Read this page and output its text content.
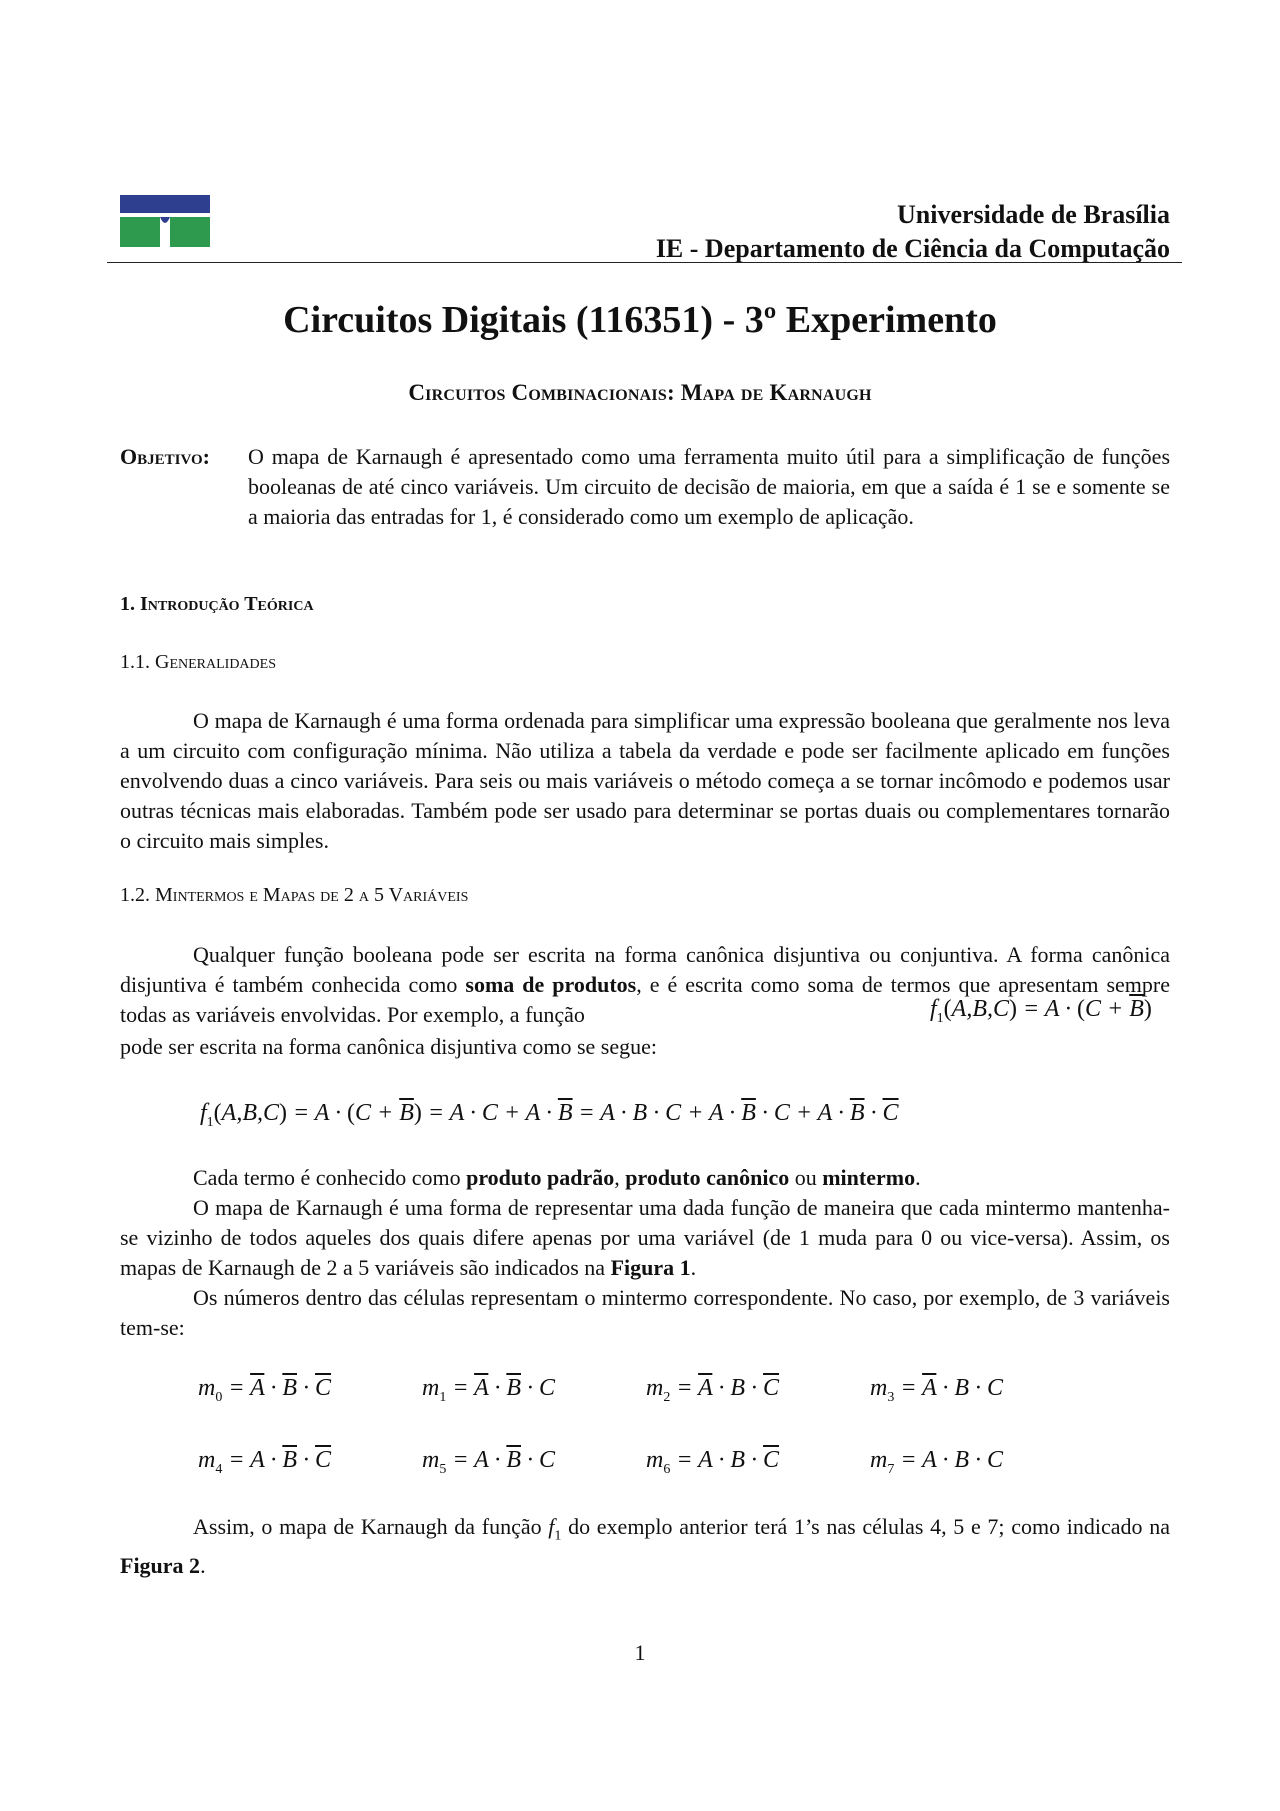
Universidade de Brasília
IE - Departamento de Ciência da Computação
Circuitos Digitais (116351) - 3º Experimento
Circuitos Combinacionais: Mapa de Karnaugh
Objetivo: O mapa de Karnaugh é apresentado como uma ferramenta muito útil para a simplificação de funções booleanas de até cinco variáveis. Um circuito de decisão de maioria, em que a saída é 1 se e somente se a maioria das entradas for 1, é considerado como um exemplo de aplicação.
1. Introdução Teórica
1.1. Generalidades
O mapa de Karnaugh é uma forma ordenada para simplificar uma expressão booleana que geralmente nos leva a um circuito com configuração mínima. Não utiliza a tabela da verdade e pode ser facilmente aplicado em funções envolvendo duas a cinco variáveis. Para seis ou mais variáveis o método começa a se tornar incômodo e podemos usar outras técnicas mais elaboradas. Também pode ser usado para determinar se portas duais ou complementares tornarão o circuito mais simples.
1.2. Mintermos e Mapas de 2 a 5 Variáveis
Qualquer função booleana pode ser escrita na forma canônica disjuntiva ou conjuntiva. A forma canônica disjuntiva é também conhecida como soma de produtos, e é escrita como soma de termos que apresentam sempre todas as variáveis envolvidas. Por exemplo, a função	$f_1(A,B,C) = A \cdot (C + \overline{B})$
pode ser escrita na forma canônica disjuntiva como se segue:
$f_1(A,B,C) = A \cdot (C + \overline{B}) = A \cdot C + A \cdot \overline{B} = A \cdot B \cdot C + A \cdot \overline{B} \cdot C + A \cdot \overline{B} \cdot \overline{C}$
Cada termo é conhecido como produto padrão, produto canônico ou mintermo.
O mapa de Karnaugh é uma forma de representar uma dada função de maneira que cada mintermo mantenha-se vizinho de todos aqueles dos quais difere apenas por uma variável (de 1 muda para 0 ou vice-versa). Assim, os mapas de Karnaugh de 2 a 5 variáveis são indicados na Figura 1.
Os números dentro das células representam o mintermo correspondente. No caso, por exemplo, de 3 variáveis tem-se:
$m_0 = \overline{A} \cdot \overline{B} \cdot \overline{C}$	$m_1 = \overline{A} \cdot \overline{B} \cdot C$	$m_2 = \overline{A} \cdot B \cdot \overline{C}$	$m_3 = \overline{A} \cdot B \cdot C$
$m_4 = A \cdot \overline{B} \cdot \overline{C}$	$m_5 = A \cdot \overline{B} \cdot C$	$m_6 = A \cdot B \cdot \overline{C}$	$m_7 = A \cdot B \cdot C$
Assim, o mapa de Karnaugh da função $f_1$ do exemplo anterior terá 1’s nas células 4, 5 e 7; como indicado na Figura 2.
1
